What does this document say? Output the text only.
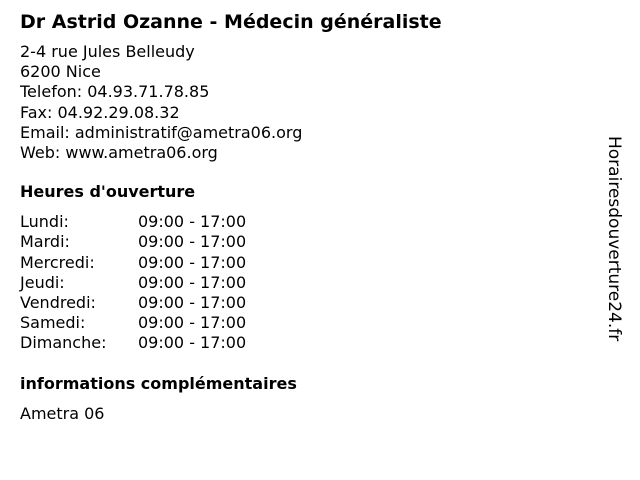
Dr Astrid Ozanne - Médecin généraliste
2-4 rue Jules Belleudy
6200 Nice
Telefon: 04.93.71.78.85
Fax: 04.92.29.08.32
Email: administratif@ametra06.org
Web: www.ametra06.org
Heures d'ouverture
Lundi:	09:00 - 17:00
Mardi:	09:00 - 17:00
Mercredi:	09:00 - 17:00
Jeudi:	09:00 - 17:00
Vendredi:	09:00 - 17:00
Samedi:	09:00 - 17:00
Dimanche:	09:00 - 17:00
informations complémentaires
Ametra 06
Horairesdouverture24.fr
